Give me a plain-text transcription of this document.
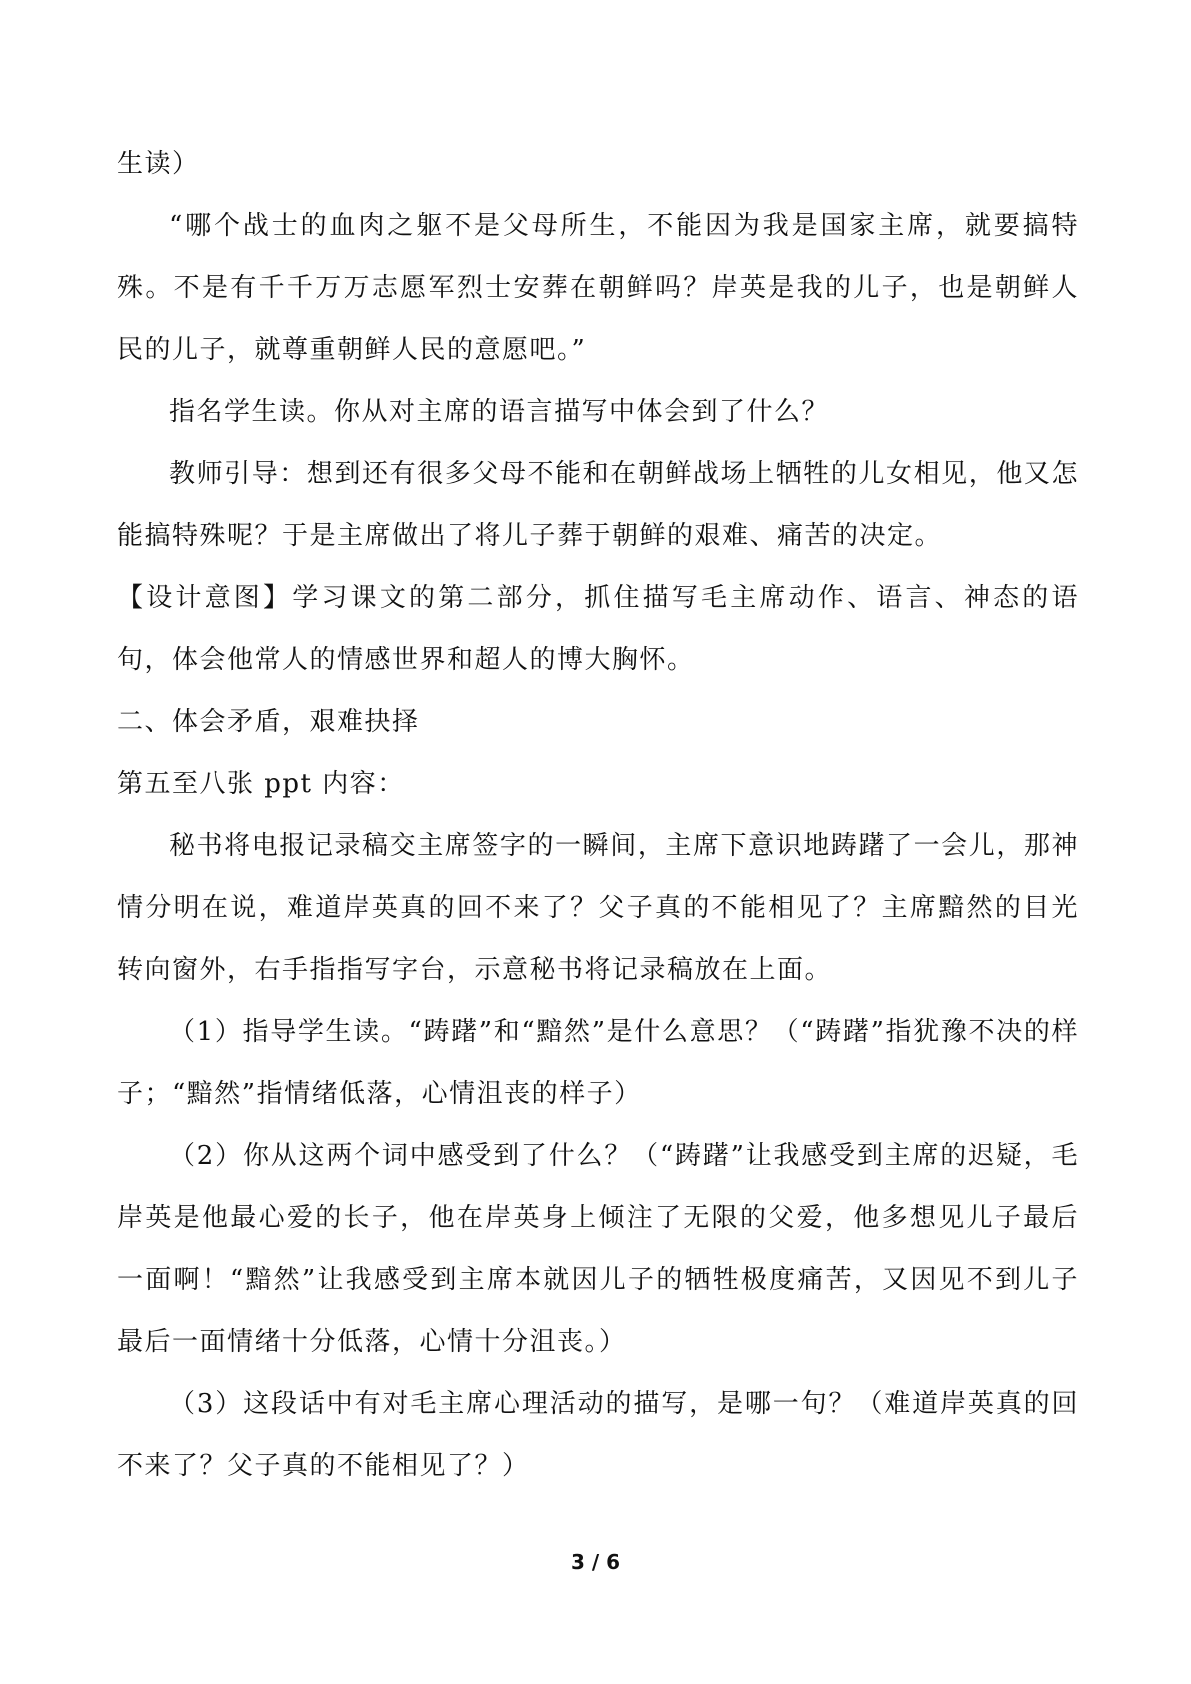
生读）

“哪个战士的血肉之躯不是父母所生，不能因为我是国家主席，就要搞特殊。不是有千千万万志愿军烈士安葬在朝鲜吗？岸英是我的儿子，也是朝鲜人民的儿子，就尊重朝鲜人民的意愿吧。”

指名学生读。你从对主席的语言描写中体会到了什么？

教师引导：想到还有很多父母不能和在朝鲜战场上牺牲的儿女相见，他又怎能搞特殊呢？于是主席做出了将儿子葬于朝鲜的艰难、痛苦的决定。

【设计意图】学习课文的第二部分，抓住描写毛主席动作、语言、神态的语句，体会他常人的情感世界和超人的博大胸怀。

二、体会矛盾，艰难抉择

第五至八张 ppt 内容：

秘书将电报记录稿交主席签字的一瞬间，主席下意识地踌躇了一会儿，那神情分明在说，难道岸英真的回不来了？父子真的不能相见了？主席黯然的目光转向窗外，右手指指写字台，示意秘书将记录稿放在上面。

（1）指导学生读。“踌躇”和“黯然”是什么意思？（“踌躇”指犹豫不决的样子；“黯然”指情绪低落，心情沮丧的样子）

（2）你从这两个词中感受到了什么？（“踌躇”让我感受到主席的迟疑，毛岸英是他最心爱的长子，他在岸英身上倾注了无限的父爱，他多想见儿子最后一面啊！“黯然”让我感受到主席本就因儿子的牺牲极度痛苦，又因见不到儿子最后一面情绪十分低落，心情十分沮丧。）

（3）这段话中有对毛主席心理活动的描写，是哪一句？（难道岸英真的回不来了？父子真的不能相见了？）

3 / 6
